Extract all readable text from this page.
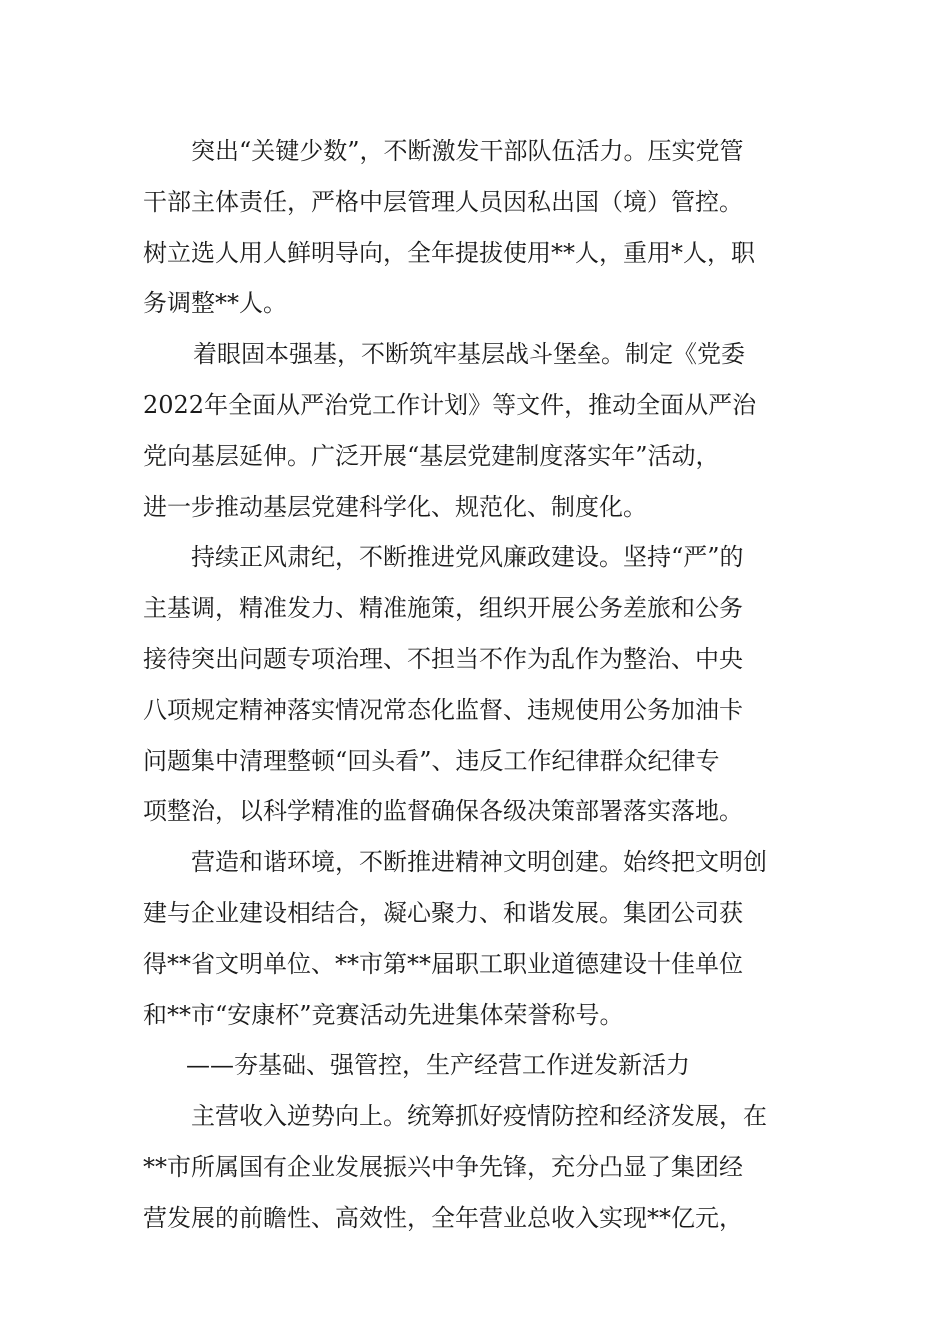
突出“关键少数”，不断激发干部队伍活力。压实党管
干部主体责任，严格中层管理人员因私出国（境）管控。
树立选人用人鲜明导向，全年提拔使用**人，重用*人，职
务调整**人。

着眼固本强基，不断筑牢基层战斗堡垒。制定《党委
2022年全面从严治党工作计划》等文件，推动全面从严治
党向基层延伸。广泛开展“基层党建制度落实年”活动，
进一步推动基层党建科学化、规范化、制度化。

持续正风肃纪，不断推进党风廉政建设。坚持“严”的
主基调，精准发力、精准施策，组织开展公务差旅和公务
接待突出问题专项治理、不担当不作为乱作为整治、中央
八项规定精神落实情况常态化监督、违规使用公务加油卡
问题集中清理整顿“回头看”、违反工作纪律群众纪律专
项整治，以科学精准的监督确保各级决策部署落实落地。

营造和谐环境，不断推进精神文明创建。始终把文明创
建与企业建设相结合，凝心聚力、和谐发展。集团公司获
得**省文明单位、**市第**届职工职业道德建设十佳单位
和**市“安康杯”竞赛活动先进集体荣誉称号。

——夯基础、强管控，生产经营工作迸发新活力

主营收入逆势向上。统筹抓好疫情防控和经济发展，在
**市所属国有企业发展振兴中争先锋，充分凸显了集团经
营发展的前瞻性、高效性，全年营业总收入实现**亿元，
